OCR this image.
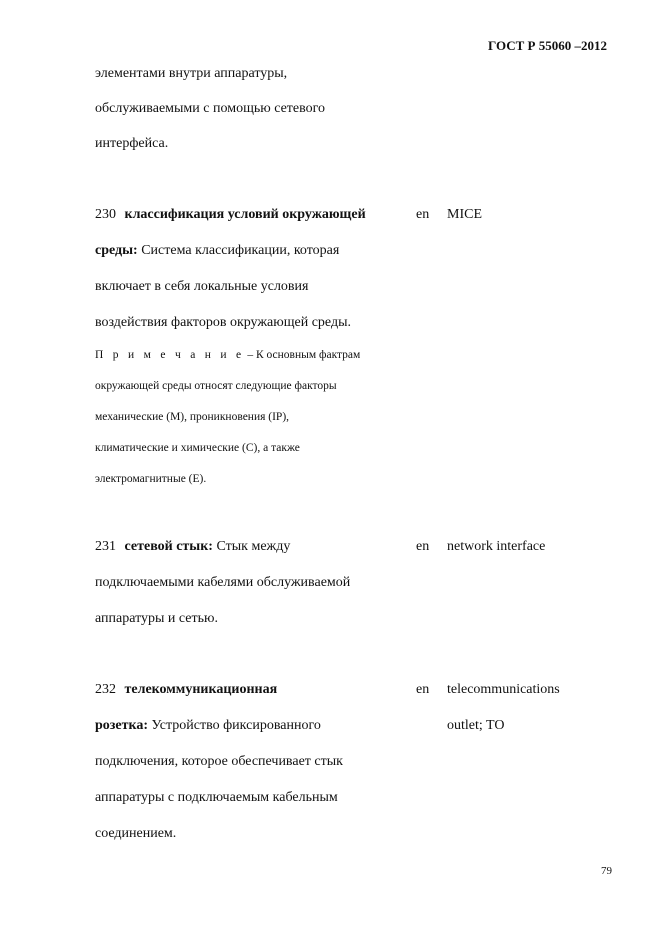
ГОСТ Р 55060 –2012
элементами внутри аппаратуры,
обслуживаемыми с помощью сетевого
интерфейса.
230 классификация условий окружающей	en MICE
среды: Система классификации, которая
включает в себя локальные условия
воздействия факторов окружающей среды.
П р и м е ч а н и е – К основным фактрам
окружающей среды относят следующие факторы
механические (M), проникновения (IP),
климатические и химические (C), а также
электромагнитные (E).
231 сетевой стык: Стык между	en network interface
подключаемыми кабелями обслуживаемой
аппаратуры и сетью.
232 телекоммуникационная	en telecommunications
розетка: Устройство фиксированного	outlet; TO
подключения, которое обеспечивает стык
аппаратуры с подключаемым кабельным
соединением.
79
